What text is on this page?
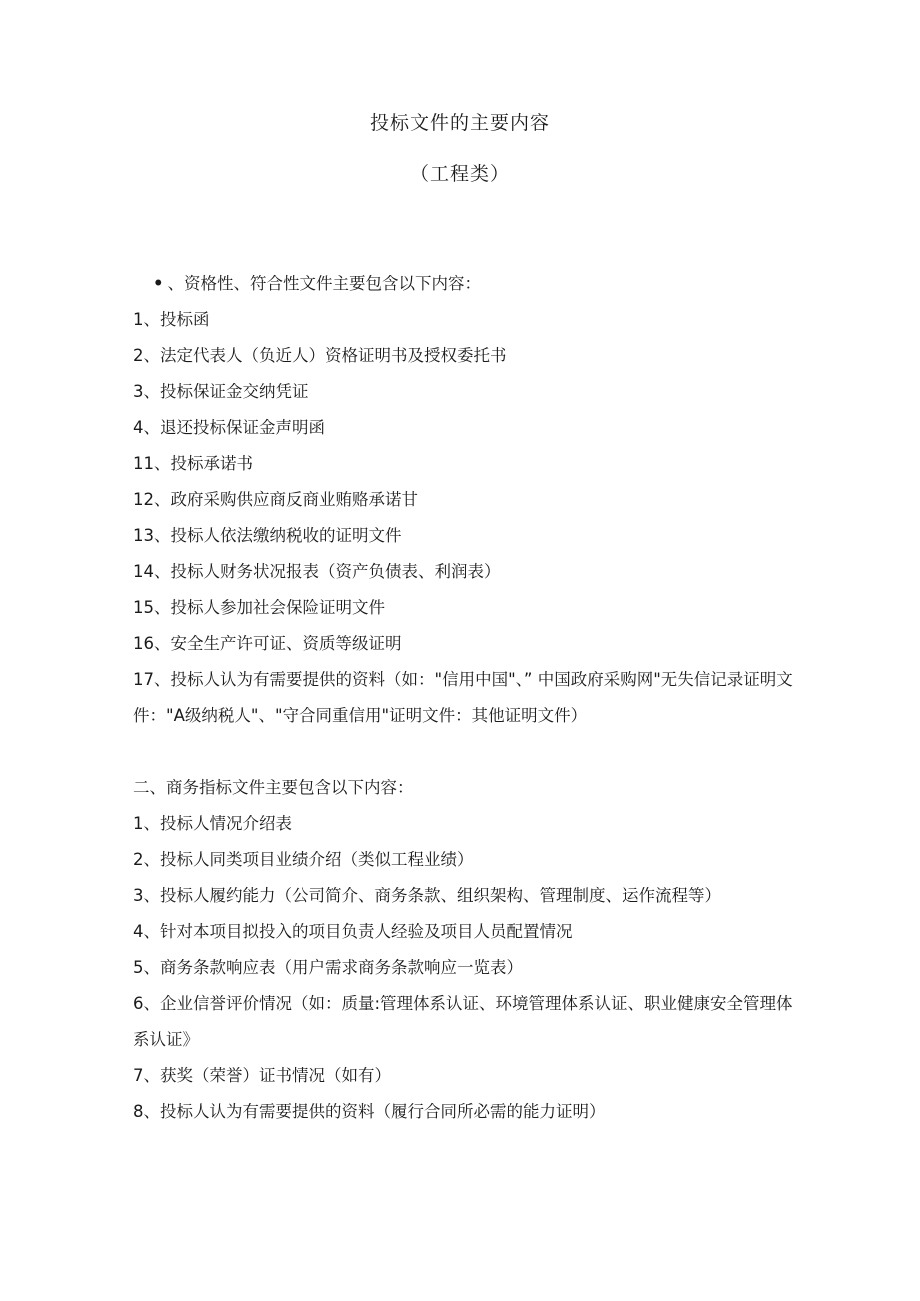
投标文件的主要内容
（工程类）
• 、资格性、符合性文件主要包含以下内容：
1、投标函
2、法定代表人（负近人）资格证明书及授权委托书
3、投标保证金交纳凭证
4、退还投标保证金声明函
11、投标承诺书
12、政府采购供应商反商业贿赂承诺甘
13、投标人依法缴纳税收的证明文件
14、投标人财务状况报表（资产负债表、利润表）
15、投标人参加社会保险证明文件
16、安全生产许可证、资质等级证明
17、投标人认为有需要提供的资料（如："信用中国"、” 中国政府采购网"无失信记录证明文件："A级纳税人"、"守合同重信用"证明文件：其他证明文件）
二、商务指标文件主要包含以下内容：
1、投标人情况介绍表
2、投标人同类项目业绩介绍（类似工程业绩）
3、投标人履约能力（公司简介、商务条款、组织架构、管理制度、运作流程等）
4、针对本项目拟投入的项目负责人经验及项目人员配置情况
5、商务条款响应表（用户需求商务条款响应一览表）
6、企业信誉评价情况（如：质量:管理体系认证、环境管理体系认证、职业健康安全管理体系认证》
7、获奖（荣誉）证书情况（如有）
8、投标人认为有需要提供的资料（履行合同所必需的能力证明）
